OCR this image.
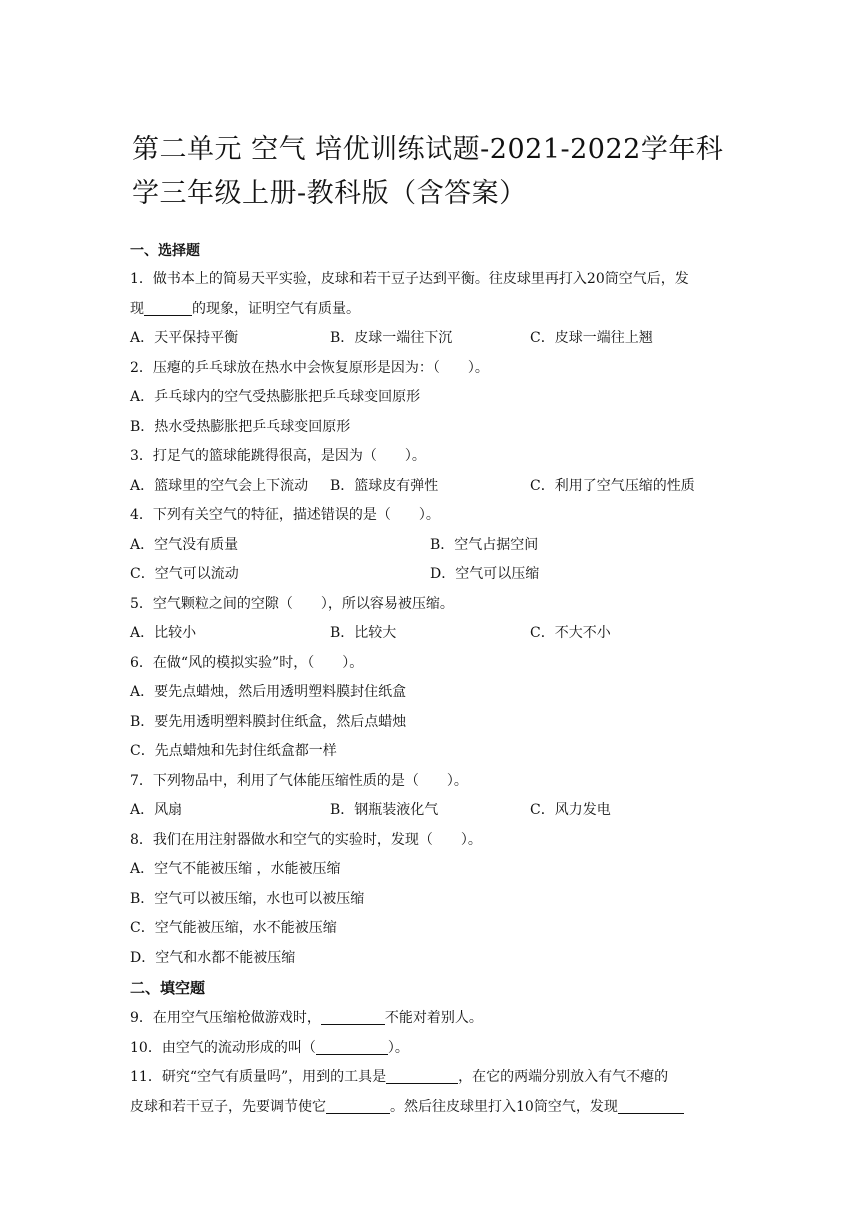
第二单元 空气 培优训练试题-2021-2022学年科学三年级上册-教科版（含答案）
一、选择题
1．做书本上的简易天平实验，皮球和若干豆子达到平衡。往皮球里再打入20筒空气后，发
现	的现象，证明空气有质量。
A．天平保持平衡	B．皮球一端往下沉	C．皮球一端往上翘
2．压瘪的乒乓球放在热水中会恢复原形是因为：（　　）。
A．乒乓球内的空气受热膨胀把乒乓球变回原形
B．热水受热膨胀把乒乓球变回原形
3．打足气的篮球能跳得很高，是因为（　　）。
A．篮球里的空气会上下流动	B．篮球皮有弹性	C．利用了空气压缩的性质
4．下列有关空气的特征，描述错误的是（　　）。
A．空气没有质量	B．空气占据空间
C．空气可以流动	D．空气可以压缩
5．空气颗粒之间的空隙（　　），所以容易被压缩。
A．比较小	B．比较大	C．不大不小
6．在做“风的模拟实验”时，（　　）。
A．要先点蜡烛，然后用透明塑料膜封住纸盒
B．要先用透明塑料膜封住纸盒，然后点蜡烛
C．先点蜡烛和先封住纸盒都一样
7．下列物品中，利用了气体能压缩性质的是（　　）。
A．风扇	B．钢瓶装液化气	C．风力发电
8．我们在用注射器做水和空气的实验时，发现（　　）。
A．空气不能被压缩 ，水能被压缩
B．空气可以被压缩，水也可以被压缩
C．空气能被压缩，水不能被压缩
D．空气和水都不能被压缩
二、填空题
9．在用空气压缩枪做游戏时，	不能对着别人。
10．由空气的流动形成的叫（	）。
11．研究“空气有质量吗”，用到的工具是	，在它的两端分别放入有气不瘪的
皮球和若干豆子，先要调节使它	。然后往皮球里打入10筒空气，发现
